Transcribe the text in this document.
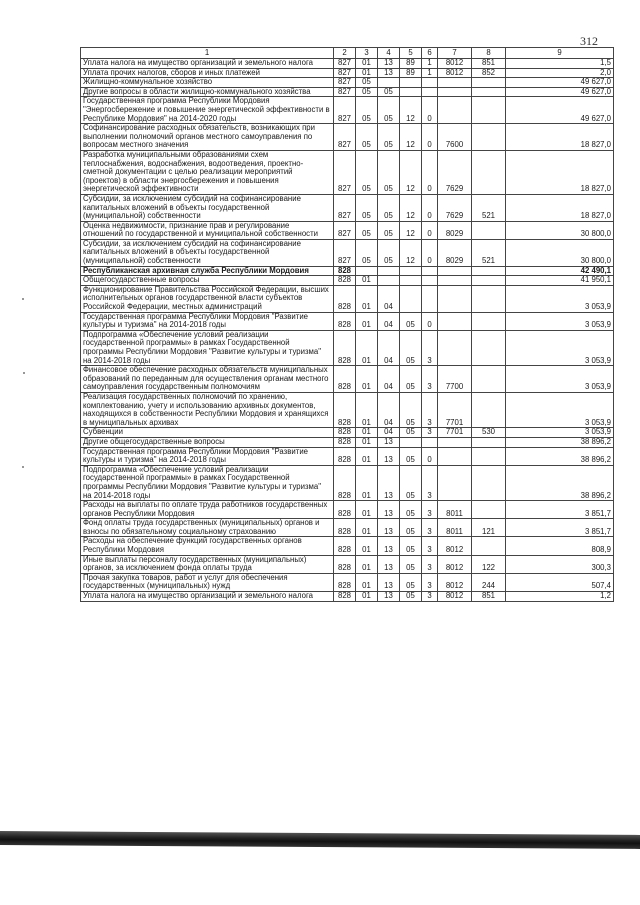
312
1	2	3	4	5	6	7	8	9
Уплата налога на имущество организаций и земельного налога	827	01	13	89	1	8012	851	1,5
Уплата прочих налогов, сборов и иных платежей	827	01	13	89	1	8012	852	2,0
Жилищно-коммунальное хозяйство	827	05						49 627,0
Другие вопросы в области жилищно-коммунального хозяйства	827	05	05					49 627,0
Государственная программа Республики Мордовия "Энергосбережение и повышение энергетической эффективности в Республике Мордовия" на 2014-2020 годы	827	05	05	12	0			49 627,0
Софинансирование расходных обязательств, возникающих при выполнении полномочий органов местного самоуправления по вопросам местного значения	827	05	05	12	0	7600		18 827,0
Разработка муниципальными образованиями схем теплоснабжения, водоснабжения, водоотведения, проектно-сметной документации с целью реализации мероприятий (проектов) в области энергосбережения и повышения энергетической эффективности	827	05	05	12	0	7629		18 827,0
Субсидии, за исключением субсидий на софинансирование капитальных вложений в объекты государственной (муниципальной) собственности	827	05	05	12	0	7629	521	18 827,0
Оценка недвижимости, признание прав и регулирование отношений по государственной и муниципальной собственности	827	05	05	12	0	8029		30 800,0
Субсидии, за исключением субсидий на софинансирование капитальных вложений в объекты государственной (муниципальной) собственности	827	05	05	12	0	8029	521	30 800,0
Республиканская архивная служба Республики Мордовия	828							42 490,1
Общегосударственные вопросы	828	01						41 950,1
Функционирование Правительства Российской Федерации, высших исполнительных органов государственной власти субъектов Российской Федерации, местных администраций	828	01	04					3 053,9
Государственная программа Республики Мордовия "Развитие культуры и туризма" на 2014-2018 годы	828	01	04	05	0			3 053,9
Подпрограмма «Обеспечение условий реализации государственной программы» в рамках Государственной программы Республики Мордовия "Развитие культуры и туризма" на 2014-2018 годы	828	01	04	05	3			3 053,9
Финансовое обеспечение расходных обязательств муниципальных образований по переданным для осуществления органам местного самоуправления государственным полномочиям	828	01	04	05	3	7700		3 053,9
Реализация государственных полномочий по хранению, комплектованию, учету и использованию архивных документов, находящихся в собственности Республики Мордовия и хранящихся в муниципальных архивах	828	01	04	05	3	7701		3 053,9
Субвенции	828	01	04	05	3	7701	530	3 053,9
Другие общегосударственные вопросы	828	01	13					38 896,2
Государственная программа Республики Мордовия "Развитие культуры и туризма" на 2014-2018 годы	828	01	13	05	0			38 896,2
Подпрограмма «Обеспечение условий реализации государственной программы» в рамках Государственной программы Республики Мордовия "Развитие культуры и туризма" на 2014-2018 годы	828	01	13	05	3			38 896,2
Расходы на выплаты по оплате труда работников государственных органов Республики Мордовия	828	01	13	05	3	8011		3 851,7
Фонд оплаты труда государственных (муниципальных) органов и взносы по обязательному социальному страхованию	828	01	13	05	3	8011	121	3 851,7
Расходы на обеспечение функций государственных органов Республики Мордовия	828	01	13	05	3	8012		808,9
Иные выплаты персоналу государственных (муниципальных) органов, за исключением фонда оплаты труда	828	01	13	05	3	8012	122	300,3
Прочая закупка товаров, работ и услуг для обеспечения государственных (муниципальных) нужд	828	01	13	05	3	8012	244	507,4
Уплата налога на имущество организаций и земельного налога	828	01	13	05	3	8012	851	1,2
